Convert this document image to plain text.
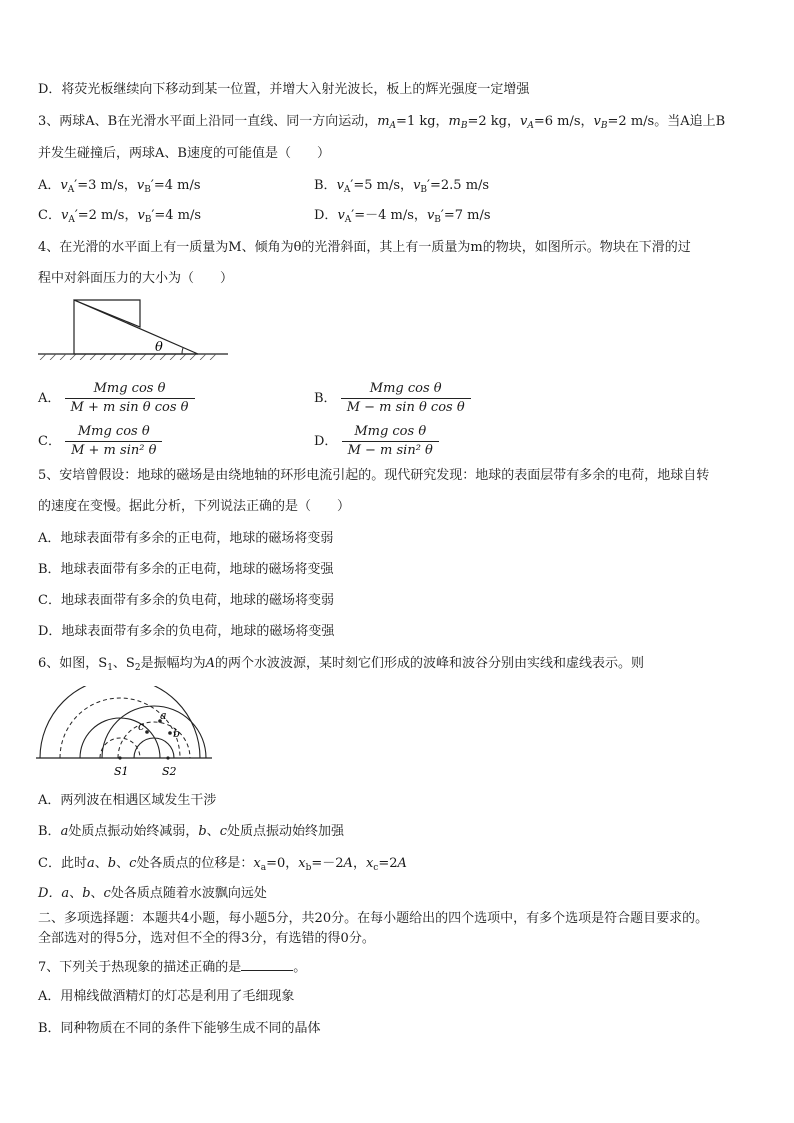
D．将荧光板继续向下移动到某一位置，并增大入射光波长，板上的辉光强度一定增强
3、两球A、B在光滑水平面上沿同一直线、同一方向运动，$m_A=1$ kg，$m_B=2$ kg，$v_A=6$ m/s，$v_B=2$ m/s。当A追上B
并发生碰撞后，两球A、B速度的可能值是（　　）
A．$v_A'=3$ m/s，$v_B'=4$ m/s	B．$v_A'=5$ m/s，$v_B'=2.5$ m/s
C．$v_A'=2$ m/s，$v_B'=4$ m/s	D．$v_A'=-4$ m/s，$v_B'=7$ m/s
4、在光滑的水平面上有一质量为M、倾角为θ的光滑斜面，其上有一质量为m的物块，如图所示。物块在下滑的过
程中对斜面压力的大小为（　　）
θ
A． $\frac{\text{Mmg cos θ}}{\text{M + m sin θ cos θ}}$	B． $\frac{\text{Mmg cos θ}}{\text{M − m sin θ cos θ}}$
C． $\frac{\text{Mmg cos θ}}{\text{M + m sin² θ}}$	D． $\frac{\text{Mmg cos θ}}{\text{M − m sin² θ}}$
5、安培曾假设：地球的磁场是由绕地轴的环形电流引起的。现代研究发现：地球的表面层带有多余的电荷，地球自转
的速度在变慢。据此分析，下列说法正确的是（　　）
A．地球表面带有多余的正电荷，地球的磁场将变弱
B．地球表面带有多余的正电荷，地球的磁场将变强
C．地球表面带有多余的负电荷，地球的磁场将变弱
D．地球表面带有多余的负电荷，地球的磁场将变强
6、如图，$S_1$、$S_2$是振幅均为A的两个水波波源，某时刻它们形成的波峰和波谷分别由实线和虚线表示。则
a
b
c
S1	S2
A．两列波在相遇区域发生干涉
B．a处质点振动始终减弱，b、c处质点振动始终加强
C．此时a、b、c处各质点的位移是：$x_a=0$，$x_b=-2A$，$x_c=2A$
D．a、b、c处各质点随着水波飘向远处
二、多项选择题：本题共4小题，每小题5分，共20分。在每小题给出的四个选项中，有多个选项是符合题目要求的。
全部选对的得5分，选对但不全的得3分，有选错的得0分。
7、下列关于热现象的描述正确的是	。
A．用棉线做酒精灯的灯芯是利用了毛细现象
B．同种物质在不同的条件下能够生成不同的晶体
